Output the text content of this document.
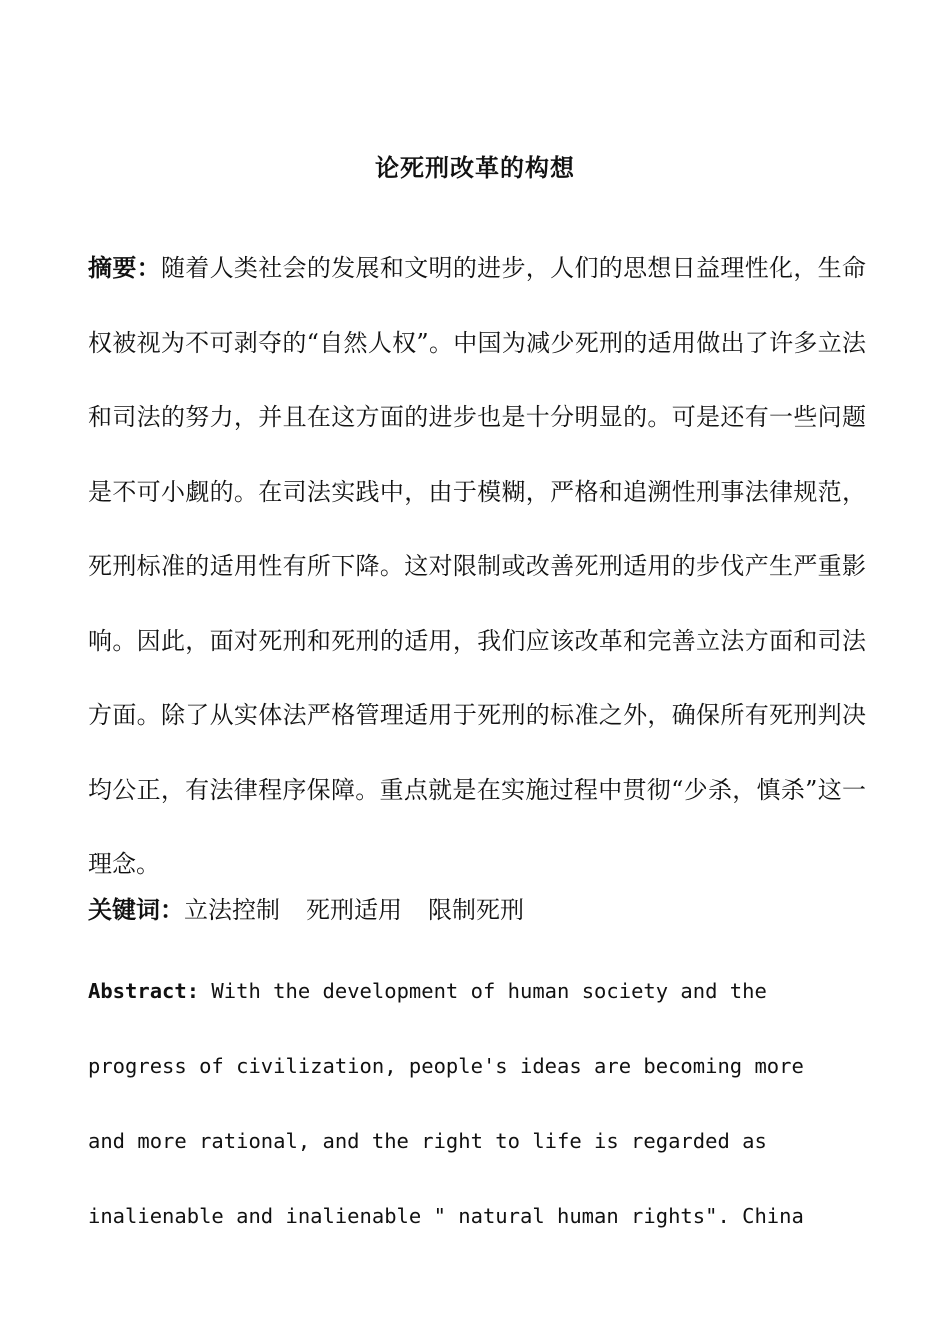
论死刑改革的构想

摘要：随着人类社会的发展和文明的进步，人们的思想日益理性化，生命权被视为不可剥夺的“自然人权”。中国为减少死刑的适用做出了许多立法和司法的努力，并且在这方面的进步也是十分明显的。可是还有一些问题是不可小觑的。在司法实践中，由于模糊，严格和追溯性刑事法律规范，死刑标准的适用性有所下降。这对限制或改善死刑适用的步伐产生严重影响。因此，面对死刑和死刑的适用，我们应该改革和完善立法方面和司法方面。除了从实体法严格管理适用于死刑的标准之外，确保所有死刑判决均公正，有法律程序保障。重点就是在实施过程中贯彻“少杀，慎杀”这一理念。

关键词：立法控制 死刑适用 限制死刑

Abstract: With the development of human society and the
progress of civilization, people's ideas are becoming more
and more rational, and the right to life is regarded as
inalienable and inalienable " natural human rights". China
